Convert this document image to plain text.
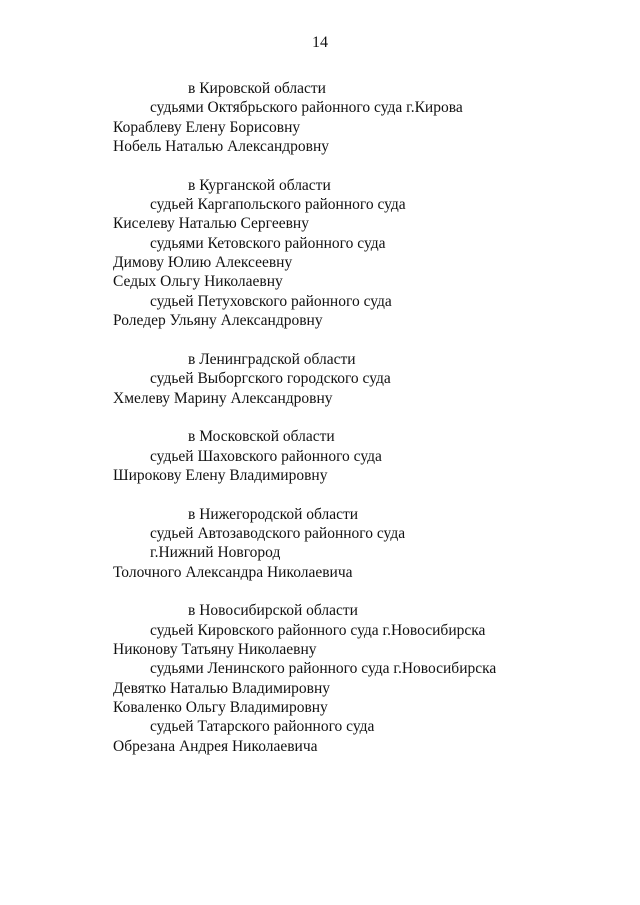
14
в Кировской области
судьями Октябрьского районного суда г.Кирова
Кораблеву Елену Борисовну
Нобель Наталью Александровну
в Курганской области
судьей Каргапольского районного суда
Киселеву Наталью Сергеевну
судьями Кетовского районного суда
Димову Юлию Алексеевну
Седых Ольгу Николаевну
судьей Петуховского районного суда
Роледер Ульяну Александровну
в Ленинградской области
судьей Выборгского городского суда
Хмелеву Марину Александровну
в Московской области
судьей Шаховского районного суда
Широкову Елену Владимировну
в Нижегородской области
судьей Автозаводского районного суда
г.Нижний Новгород
Толочного Александра Николаевича
в Новосибирской области
судьей Кировского районного суда г.Новосибирска
Никонову Татьяну Николаевну
судьями Ленинского районного суда г.Новосибирска
Девятко Наталью Владимировну
Коваленко Ольгу Владимировну
судьей Татарского районного суда
Обрезана Андрея Николаевича
